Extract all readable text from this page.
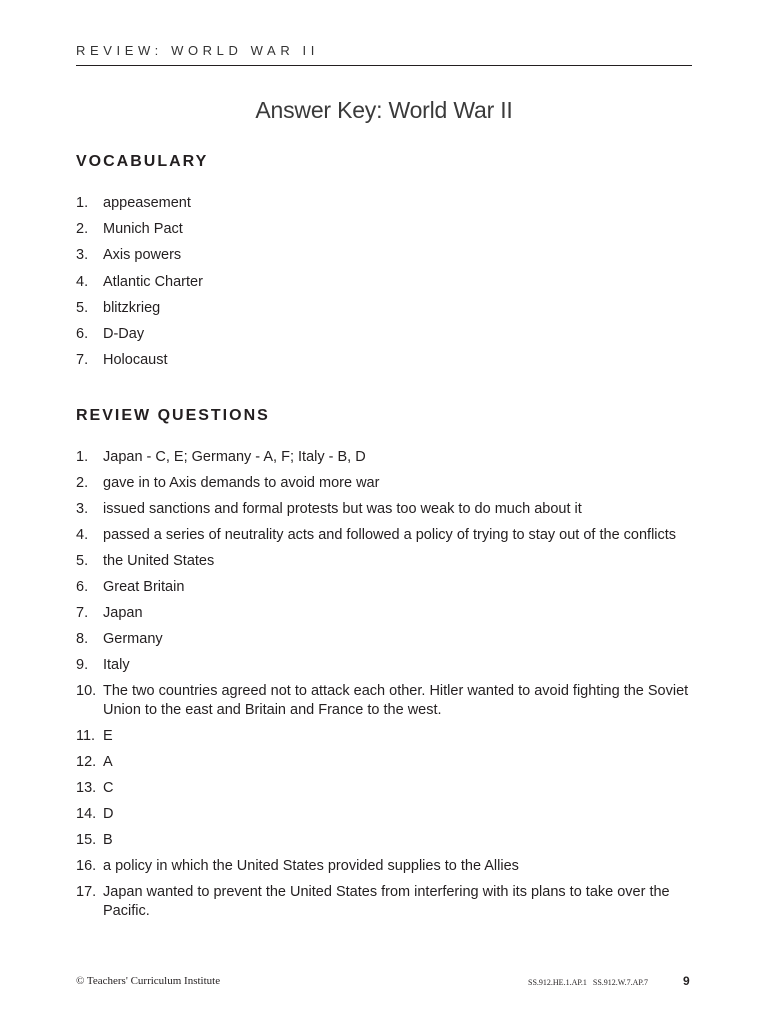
REVIEW: WORLD WAR II
Answer Key: World War II
VOCABULARY
1.	appeasement
2.	Munich Pact
3.	Axis powers
4.	Atlantic Charter
5.	blitzkrieg
6.	D-Day
7.	Holocaust
REVIEW QUESTIONS
1.	Japan - C, E; Germany - A, F; Italy - B, D
2.	gave in to Axis demands to avoid more war
3.	issued sanctions and formal protests but was too weak to do much about it
4.	passed a series of neutrality acts and followed a policy of trying to stay out of the conflicts
5.	the United States
6.	Great Britain
7.	Japan
8.	Germany
9.	Italy
10. The two countries agreed not to attack each other. Hitler wanted to avoid fighting the Soviet Union to the east and Britain and France to the west.
11. E
12. A
13. C
14. D
15. B
16. a policy in which the United States provided supplies to the Allies
17. Japan wanted to prevent the United States from interfering with its plans to take over the Pacific.
© Teachers' Curriculum Institute	SS.912.HE.1.AP.1 SS.912.W.7.AP.7	9
